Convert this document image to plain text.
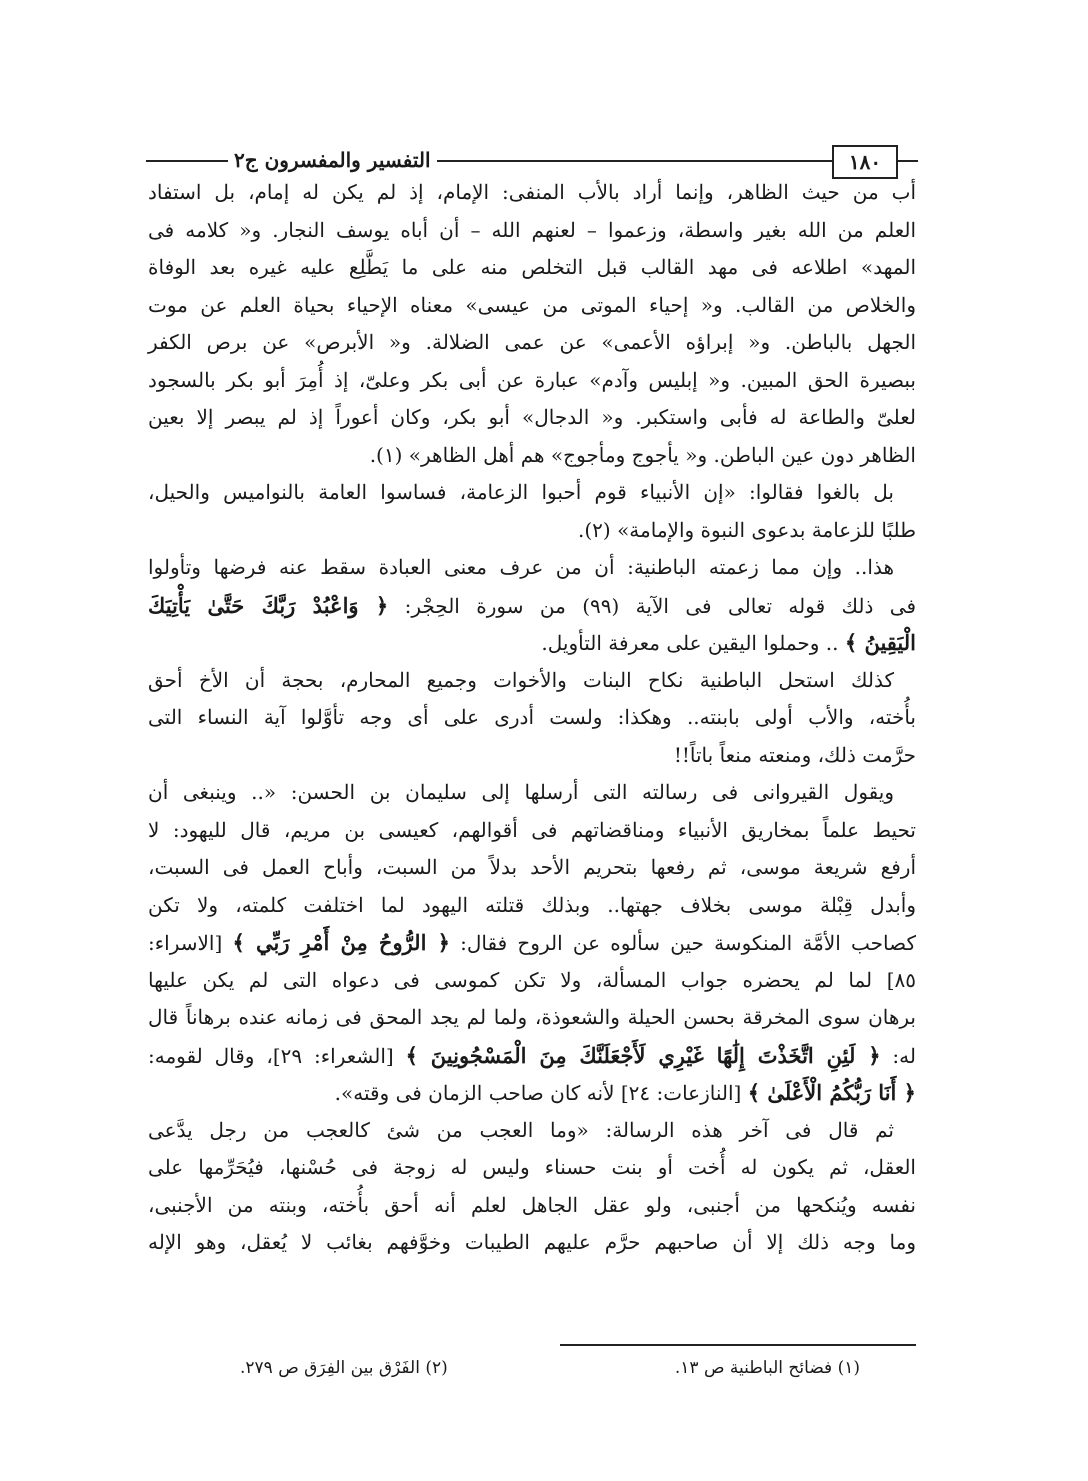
التفسير والمفسرون ج٢	١٨٠
أب من حيث الظاهر، وإنما أراد بالأب المنفى: الإمام، إذ لم يكن له إمام، بل استفاد
العلم من الله بغير واسطة، وزعموا – لعنهم الله – أن أباه يوسف النجار. و« كلامه فى
المهد» اطلاعه فى مهد القالب قبل التخلص منه على ما يَطَّلِع عليه غيره بعد الوفاة
والخلاص من القالب. و« إحياء الموتى من عيسى» معناه الإحياء بحياة العلم عن موت
الجهل بالباطن. و« إبراؤه الأعمى» عن عمى الضلالة. و« الأبرص» عن برص الكفر
ببصيرة الحق المبين. و« إبليس وآدم» عبارة عن أبى بكر وعلىّ، إذ أُمِرَ أبو بكر بالسجود
لعلىّ والطاعة له فأبى واستكبر. و« الدجال» أبو بكر، وكان أعوراً إذ لم يبصر إلا بعين
الظاهر دون عين الباطن. و« يأجوج ومأجوج» هم أهل الظاهر» (١).
بل بالغوا فقالوا: «إن الأنبياء قوم أحبوا الزعامة، فساسوا العامة بالنواميس والحيل،
طلبًا للزعامة بدعوى النبوة والإمامة» (٢).
هذا.. وإن مما زعمته الباطنية: أن من عرف معنى العبادة سقط عنه فرضها وتأولوا
فى ذلك قوله تعالى فى الآية (٩٩) من سورة الحِجْر: ﴿ وَاعْبُدْ رَبَّكَ حَتَّىٰ يَأْتِيَكَ
الْيَقِينُ ﴾ .. وحملوا اليقين على معرفة التأويل.
كذلك استحل الباطنية نكاح البنات والأخوات وجميع المحارم، بحجة أن الأخ أحق
بأُخته، والأب أولى بابنته.. وهكذا: ولست أدرى على أى وجه تأوَّلوا آية النساء التى
حرَّمت ذلك، ومنعته منعاً باتاً!!
ويقول القيروانى فى رسالته التى أرسلها إلى سليمان بن الحسن: «.. وينبغى أن
تحيط علماً بمخاريق الأنبياء ومناقضاتهم فى أقوالهم، كعيسى بن مريم، قال لليهود: لا
أرفع شريعة موسى، ثم رفعها بتحريم الأحد بدلاً من السبت، وأباح العمل فى السبت،
وأبدل قِبْلة موسى بخلاف جهتها.. وبذلك قتلته اليهود لما اختلفت كلمته، ولا تكن
كصاحب الأمَّة المنكوسة حين سألوه عن الروح فقال: ﴿ الرُّوحُ مِنْ أَمْرِ رَبِّي ﴾ [الاسراء:
٨٥] لما لم يحضره جواب المسألة، ولا تكن كموسى فى دعواه التى لم يكن عليها
برهان سوى المخرقة بحسن الحيلة والشعوذة، ولما لم يجد المحق فى زمانه عنده برهاناً قال
له: ﴿ لَئِنِ اتَّخَذْتَ إِلَٰهًا غَيْرِي لَأَجْعَلَنَّكَ مِنَ الْمَسْجُونِينَ ﴾ [الشعراء: ٢٩]، وقال لقومه:
﴿ أَنَا رَبُّكُمُ الْأَعْلَىٰ ﴾ [النازعات: ٢٤] لأنه كان صاحب الزمان فى وقته».
ثم قال فى آخر هذه الرسالة: «وما العجب من شئ كالعجب من رجل يدَّعى
العقل، ثم يكون له أُخت أو بنت حسناء وليس له زوجة فى حُسْنها، فيُحَرِّمها على
نفسه ويُنكحها من أجنبى، ولو عقل الجاهل لعلم أنه أحق بأُخته، وبنته من الأجنبى،
وما وجه ذلك إلا أن صاحبهم حرَّم عليهم الطيبات وخوَّفهم بغائب لا يُعقل، وهو الإله
(١) فضائح الباطنية ص ١٣.
(٢) الفَرْق بين الفِرَق ص ٢٧٩.
